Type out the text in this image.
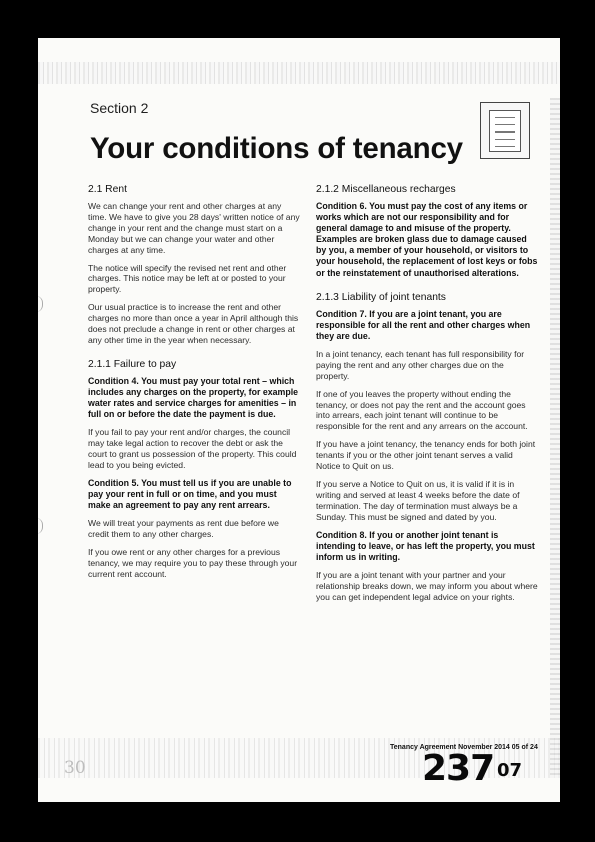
Section 2
Your conditions of tenancy
2.1 Rent

We can change your rent and other charges at any time. We have to give you 28 days' written notice of any change in your rent and the change must start on a Monday but we can change your water and other charges at any time.

The notice will specify the revised net rent and other charges. This notice may be left at or posted to your property.

Our usual practice is to increase the rent and other charges no more than once a year in April although this does not preclude a change in rent or other charges at any other time in the year when necessary.

2.1.1 Failure to pay

Condition 4. You must pay your total rent – which includes any charges on the property, for example water rates and service charges for amenities – in full on or before the date the payment is due.

If you fail to pay your rent and/or charges, the council may take legal action to recover the debt or ask the court to grant us possession of the property. This could lead to you being evicted.

Condition 5. You must tell us if you are unable to pay your rent in full or on time, and you must make an agreement to pay any rent arrears.

We will treat your payments as rent due before we credit them to any other charges.

If you owe rent or any other charges for a previous tenancy, we may require you to pay these through your current rent account.

2.1.2 Miscellaneous recharges

Condition 6. You must pay the cost of any items or works which are not our responsibility and for general damage to and misuse of the property. Examples are broken glass due to damage caused by you, a member of your household, or visitors to your household, the replacement of lost keys or fobs or the reinstatement of unauthorised alterations.

2.1.3 Liability of joint tenants

Condition 7. If you are a joint tenant, you are responsible for all the rent and other charges when they are due.

In a joint tenancy, each tenant has full responsibility for paying the rent and any other charges due on the property.

If one of you leaves the property without ending the tenancy, or does not pay the rent and the account goes into arrears, each joint tenant will continue to be responsible for the rent and any arrears on the account.

If you have a joint tenancy, the tenancy ends for both joint tenants if you or the other joint tenant serves a valid Notice to Quit on us.

If you serve a Notice to Quit on us, it is valid if it is in writing and served at least 4 weeks before the date of termination. The day of termination must always be a Sunday. This must be signed and dated by you.

Condition 8. If you or another joint tenant is intending to leave, or has left the property, you must inform us in writing.

If you are a joint tenant with your partner and your relationship breaks down, we may inform you about where you can get independent legal advice on your rights.

Tenancy Agreement November 2014 05 of 24
237 07
30
